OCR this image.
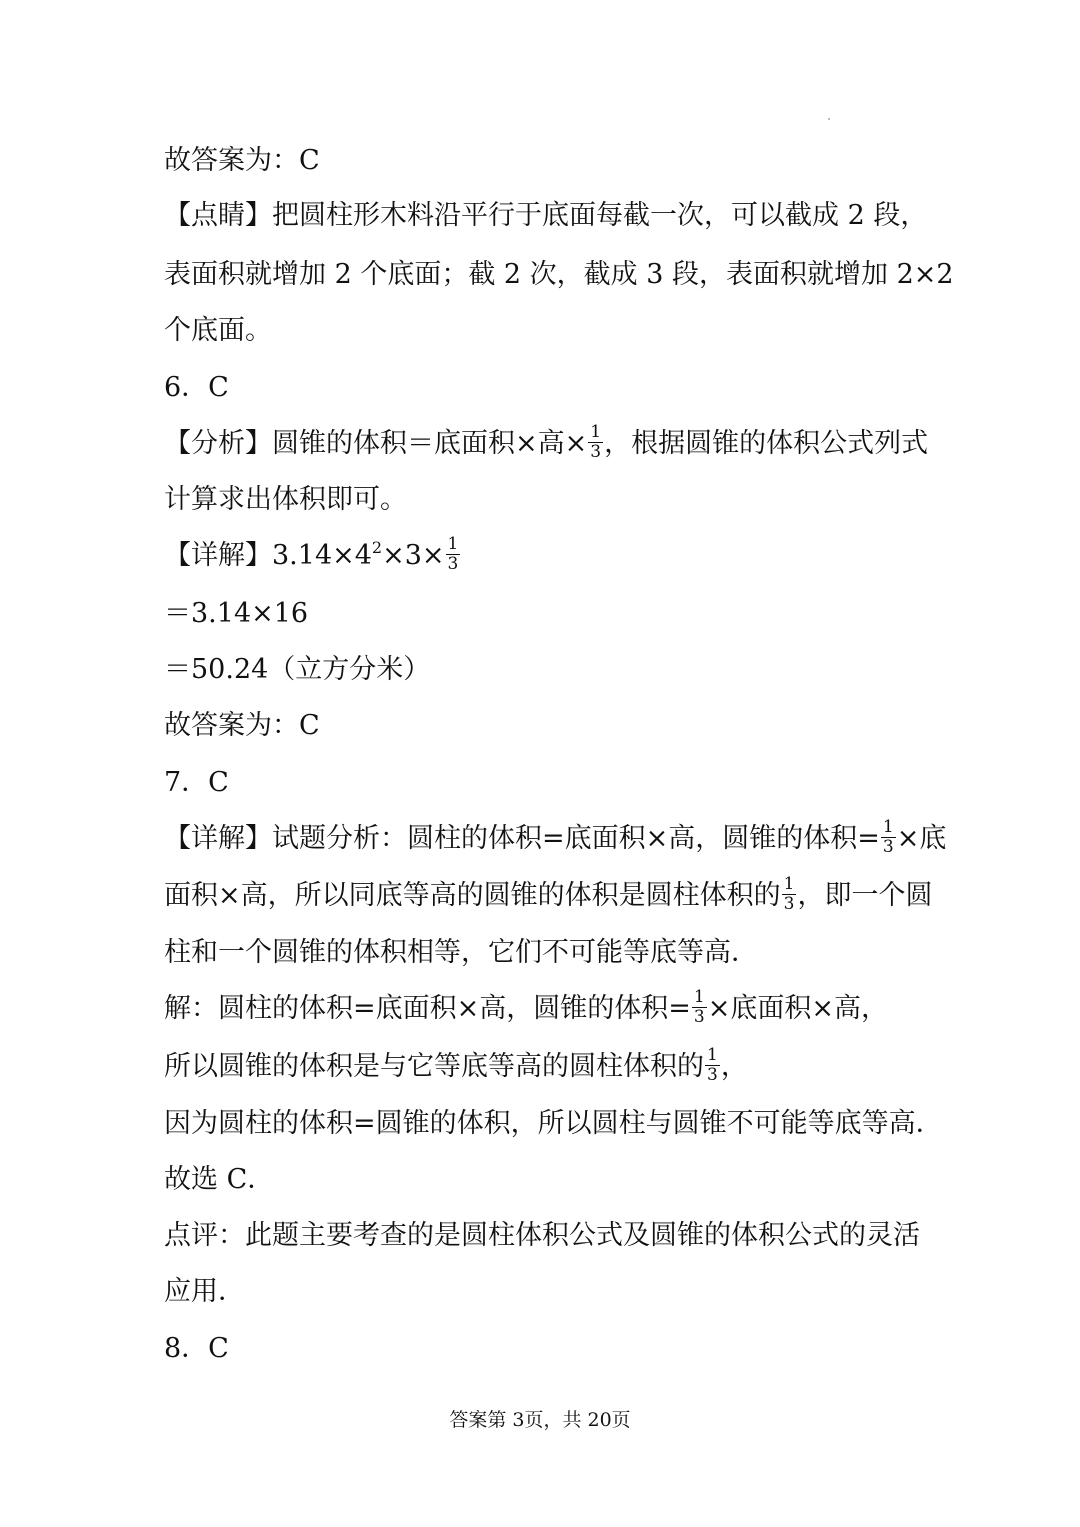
故答案为：C
【点睛】把圆柱形木料沿平行于底面每截一次，可以截成 2 段，
表面积就增加 2 个底面；截 2 次，截成 3 段，表面积就增加 2×2
个底面。
6．C
【分析】圆锥的体积＝底面积×高× $\frac{1}{3}$ ，根据圆锥的体积公式列式
计算求出体积即可。
【详解】$3.14\times 4^2\times 3\times \frac{1}{3}$
＝3.14×16
＝50.24（立方分米）
故答案为：C
7．C
【详解】试题分析：圆柱的体积=底面积×高，圆锥的体积= $\frac{1}{3}$ ×底
面积×高，所以同底等高的圆锥的体积是圆柱体积的 $\frac{1}{3}$ ，即一个圆
柱和一个圆锥的体积相等，它们不可能等底等高．
解：圆柱的体积=底面积×高，圆锥的体积= $\frac{1}{3}$ ×底面积×高，
所以圆锥的体积是与它等底等高的圆柱体积的 $\frac{1}{3}$ ，
因为圆柱的体积=圆锥的体积，所以圆柱与圆锥不可能等底等高．
故选 C．
点评：此题主要考查的是圆柱体积公式及圆锥的体积公式的灵活
应用．
8．C
答案第 3页，共 20页
